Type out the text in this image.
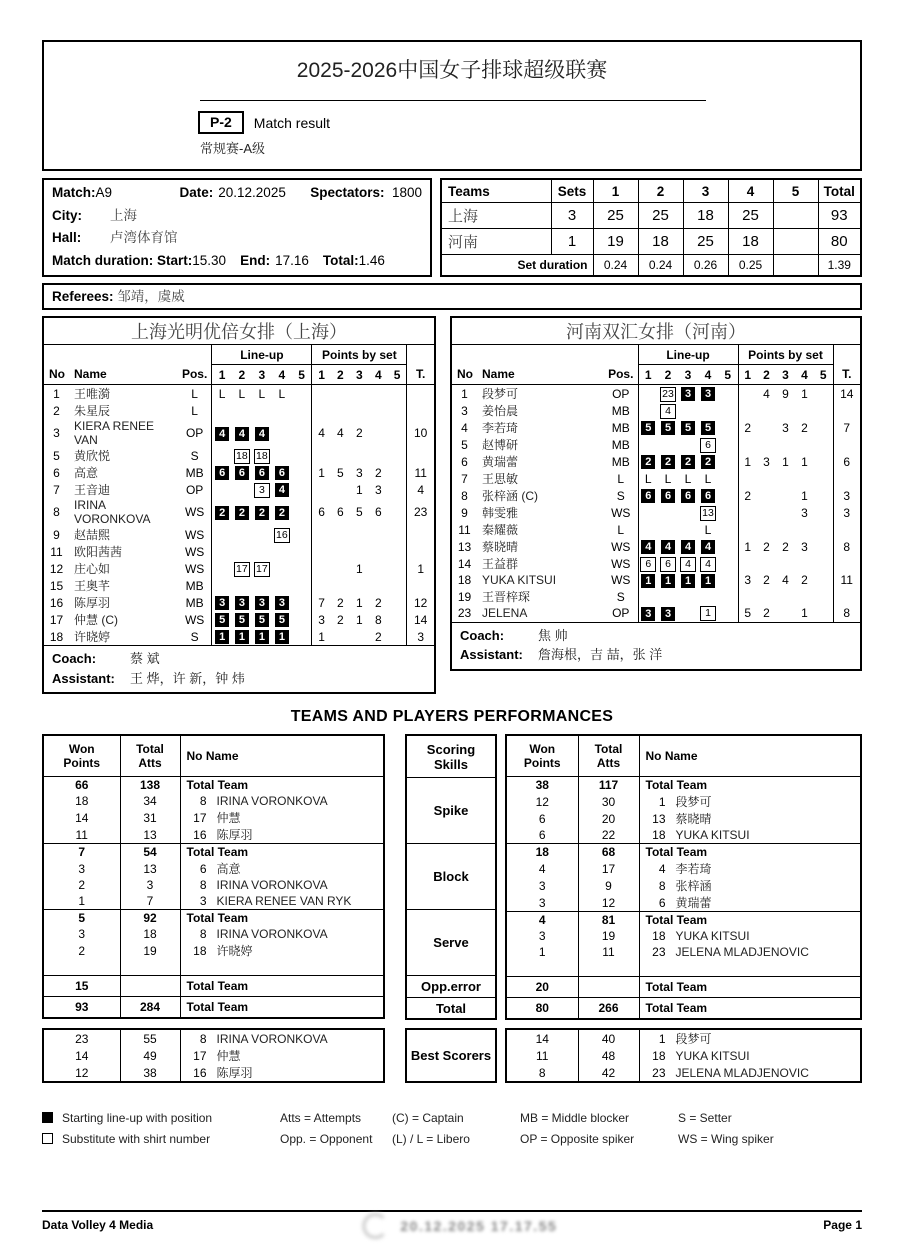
2025-2026中国女子排球超级联赛
P-2	Match result
常规赛-A级
Match: A9	Date: 20.12.2025	Spectators: 1800
City:	上海
Hall:	卢湾体育馆
Match duration:
Start: 15.30 End: 17.16 Total: 1.46
Teams	Sets	1	2	3	4	5	Total
上海	3	25	25	18	25		93
河南	1	19	18	25	18		80
Set duration		0.24	0.24	0.26	0.25		1.39
Referees: 邹靖，虞威
上海光明优倍女排（上海）													
			Line-up					Points by set					
No	Name	Pos.	1	2	3	4	5	1	2	3	4	5	T.
1	王唯漪	L	L	L	L	L							
2	朱星辰	L											
3	KIERA RENEE VAN	OP	4	4	4			4	4	2			10
5	黄欣悦	S		18	18								
6	高意	MB	6	6	6	6		1	5	3	2		11
7	王音迪	OP			3	4				1	3		4
8	IRINA VORONKOVA	WS	2	2	2	2		6	6	5	6		23
9	赵喆熙	WS				16							
11	欧阳茜茜	WS											
12	庄心如	WS		17	17					1			1
15	王奥芊	MB											
16	陈厚羽	MB	3	3	3	3		7	2	1	2		12
17	仲慧 (C)	WS	5	5	5	5		3	2	1	8		14
18	许晓婷	S	1	1	1	1		1			2		3

Coach: 蔡 斌
Assistant: 王 烨，许 新，钟 炜													
河南双汇女排（河南）													
			Line-up					Points by set					
No	Name	Pos.	1	2	3	4	5	1	2	3	4	5	T.
1	段梦可	OP		23	3	3			4	9	1		14
3	姜怡晨	MB		4									
4	李若琦	MB	5	5	5	5		2		3	2		7
5	赵博研	MB				6							
6	黄瑞蕾	MB	2	2	2	2		1	3	1	1		6
7	王思敏	L	L	L	L	L							
8	张梓涵 (C)	S	6	6	6	6		2			1		3
9	韩雯雅	WS				13					3		3
11	秦耀薇	L				L							
13	蔡晓晴	WS	4	4	4	4		1	2	2	3		8
14	王益群	WS	6	6	4	4							
18	YUKA KITSUI	WS	1	1	1	1		3	2	4	2		11
19	王晋梓琛	S											
23	JELENA	OP	3	3		1		5	2		1		8

Coach: 焦 帅
Assistant: 詹海根，吉 喆，张 洋													
TEAMS AND PLAYERS PERFORMANCES
Won Points	Total Atts	No Name
66	138	Total Team
18	34	8 IRINA VORONKOVA
14	31	17 仲慧
11	13	16 陈厚羽
7	54	Total Team
3	13	6 高意
2	3	8 IRINA VORONKOVA
1	7	3 KIERA RENEE VAN RYK
5	92	Total Team
3	18	8 IRINA VORONKOVA
2	19	18 许晓婷

15		Total Team
93	284	Total Team
Scoring Skills
Spike
Block
Serve
Opp.error
Total
Won Points	Total Atts	No Name
38	117	Total Team
12	30	1 段梦可
6	20	13 蔡晓晴
6	22	18 YUKA KITSUI
18	68	Total Team
4	17	4 李若琦
3	9	8 张梓涵
3	12	6 黄瑞蕾
4	81	Total Team
3	19	18 YUKA KITSUI
1	11	23 JELENA MLADJENOVIC

20		Total Team
80	266	Total Team
23	55	8 IRINA VORONKOVA
14	49	17 仲慧
12	38	16 陈厚羽
Best Scorers
14	40	1 段梦可
11	48	18 YUKA KITSUI
8	42	23 JELENA MLADJENOVIC
Starting line-up with position	Atts = Attempts	(C) = Captain	MB = Middle blocker	S = Setter
Substitute with shirt number	Opp. = Opponent	(L) / L = Libero	OP = Opposite spiker	WS = Wing spiker
Data Volley 4 Media	20.12.2025 17.17.55	Page 1
